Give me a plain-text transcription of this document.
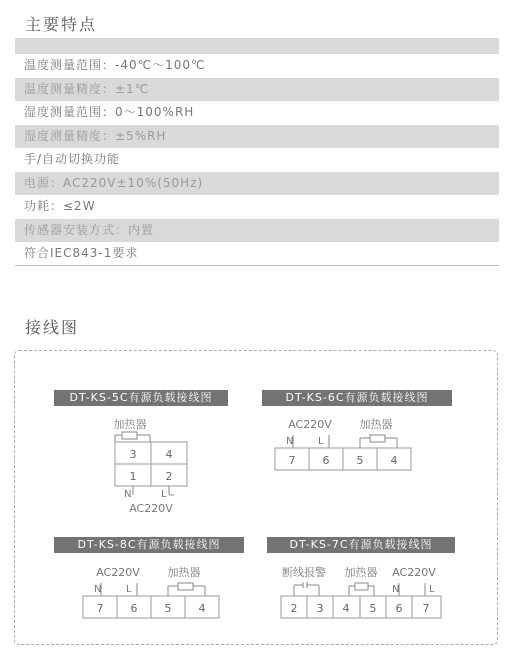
主要特点
温度测量范围：-40℃～100℃
温度测量精度：±1℃
湿度测量范围：0～100%RH
湿度测量精度：±5%RH
手/自动切换功能
电源：AC220V±10%(50Hz)
功耗：≤2W
传感器安装方式：内置
符合IEC843-1要求
接线图
DT-KS-5C有源负载接线图
加热器
3	4
1	2
N	L
AC220V
DT-KS-6C有源负载接线图
AC220V	加热器
N L
7 6 5 4
DT-KS-8C有源负载接线图
AC220V	加热器
N L
7 6 5 4
DT-KS-7C有源负载接线图
断线报警 加热器 AC220V
N	L
2 3 4 5 6 7
